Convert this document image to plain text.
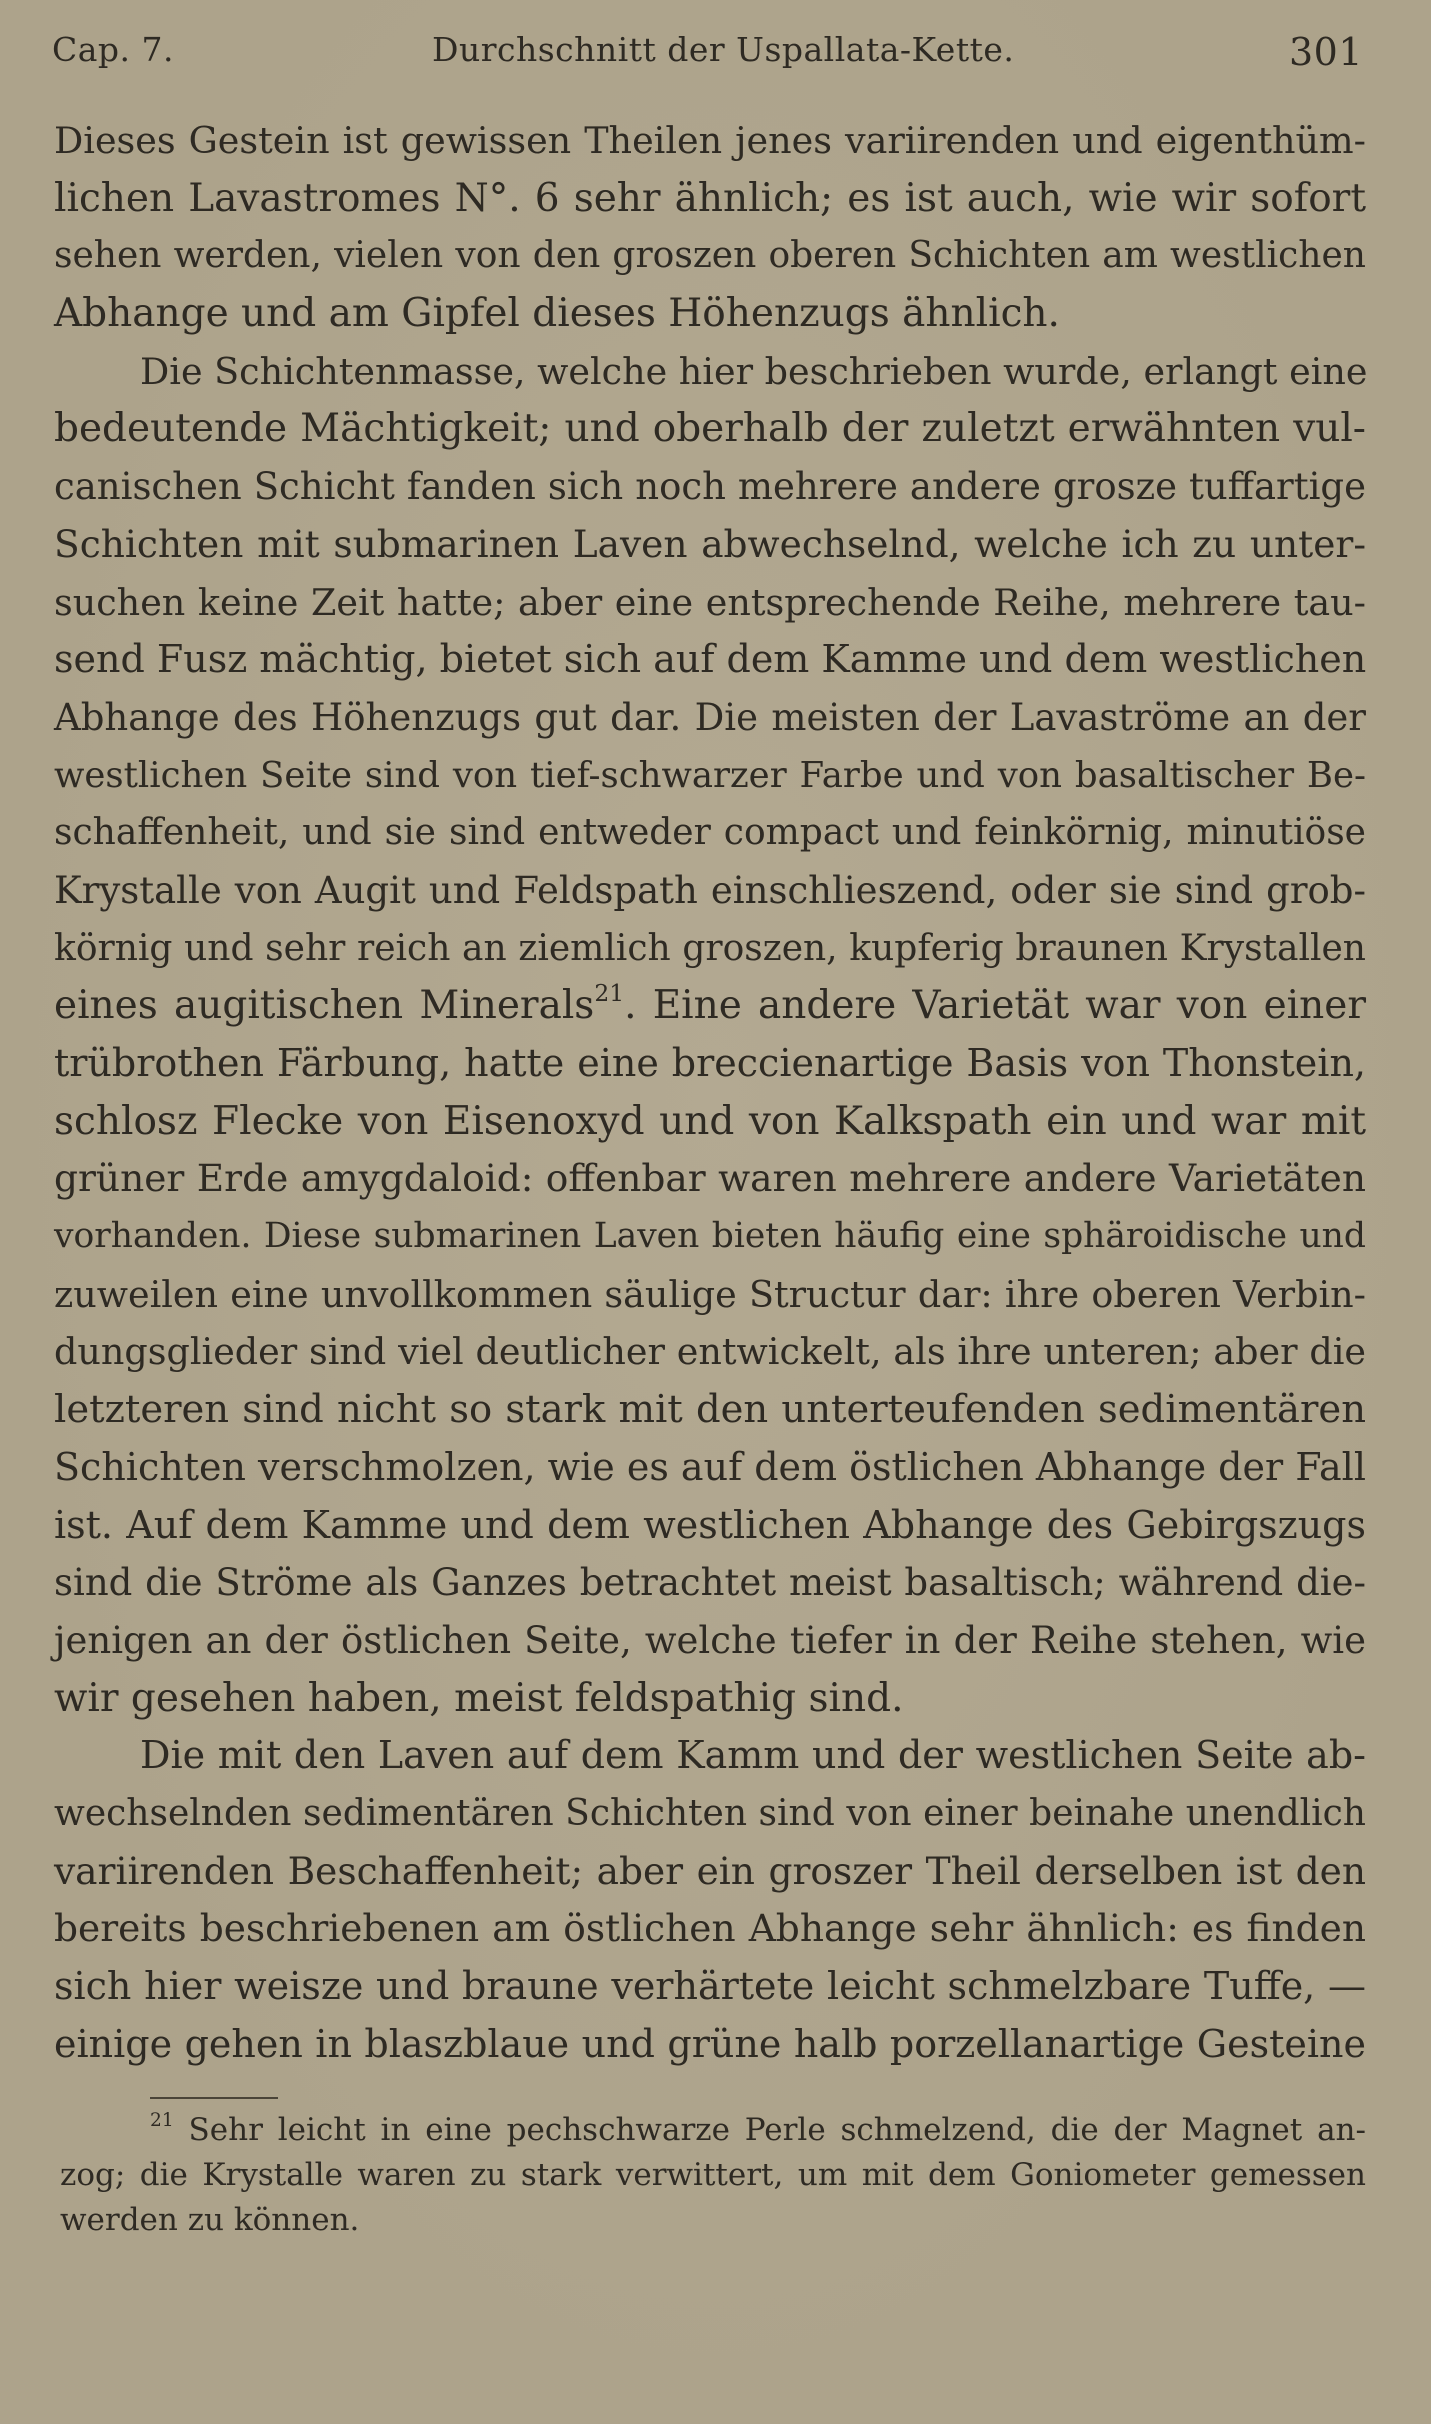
Cap. 7.	Durchschnitt der Uspallata-Kette.	301
Dieses Gestein ist gewissen Theilen jenes variirenden und eigenthüm-
lichen Lavastromes N°. 6 sehr ähnlich; es ist auch, wie wir sofort
sehen werden, vielen von den groszen oberen Schichten am westlichen
Abhange und am Gipfel dieses Höhenzugs ähnlich.
Die Schichtenmasse, welche hier beschrieben wurde, erlangt eine
bedeutende Mächtigkeit; und oberhalb der zuletzt erwähnten vul-
canischen Schicht fanden sich noch mehrere andere grosze tuffartige
Schichten mit submarinen Laven abwechselnd, welche ich zu unter-
suchen keine Zeit hatte; aber eine entsprechende Reihe, mehrere tau-
send Fusz mächtig, bietet sich auf dem Kamme und dem westlichen
Abhange des Höhenzugs gut dar. Die meisten der Lavaströme an der
westlichen Seite sind von tief-schwarzer Farbe und von basaltischer Be-
schaffenheit, und sie sind entweder compact und feinkörnig, minutiöse
Krystalle von Augit und Feldspath einschlieszend, oder sie sind grob-
körnig und sehr reich an ziemlich groszen, kupferig braunen Krystallen
eines augitischen Minerals$^{21}$. Eine andere Varietät war von einer
trübrothen Färbung, hatte eine breccienartige Basis von Thonstein,
schlosz Flecke von Eisenoxyd und von Kalkspath ein und war mit
grüner Erde amygdaloid: offenbar waren mehrere andere Varietäten
vorhanden. Diese submarinen Laven bieten häufig eine sphäroidische und
zuweilen eine unvollkommen säulige Structur dar: ihre oberen Verbin-
dungsglieder sind viel deutlicher entwickelt, als ihre unteren; aber die
letzteren sind nicht so stark mit den unterteufenden sedimentären
Schichten verschmolzen, wie es auf dem östlichen Abhange der Fall
ist. Auf dem Kamme und dem westlichen Abhange des Gebirgszugs
sind die Ströme als Ganzes betrachtet meist basaltisch; während die-
jenigen an der östlichen Seite, welche tiefer in der Reihe stehen, wie
wir gesehen haben, meist feldspathig sind.
Die mit den Laven auf dem Kamm und der westlichen Seite ab-
wechselnden sedimentären Schichten sind von einer beinahe unendlich
variirenden Beschaffenheit; aber ein groszer Theil derselben ist den
bereits beschriebenen am östlichen Abhange sehr ähnlich: es finden
sich hier weisze und braune verhärtete leicht schmelzbare Tuffe, —
einige gehen in blaszblaue und grüne halb porzellanartige Gesteine
$^{21}$ Sehr leicht in eine pechschwarze Perle schmelzend, die der Magnet an-
zog; die Krystalle waren zu stark verwittert, um mit dem Goniometer gemessen
werden zu können.
